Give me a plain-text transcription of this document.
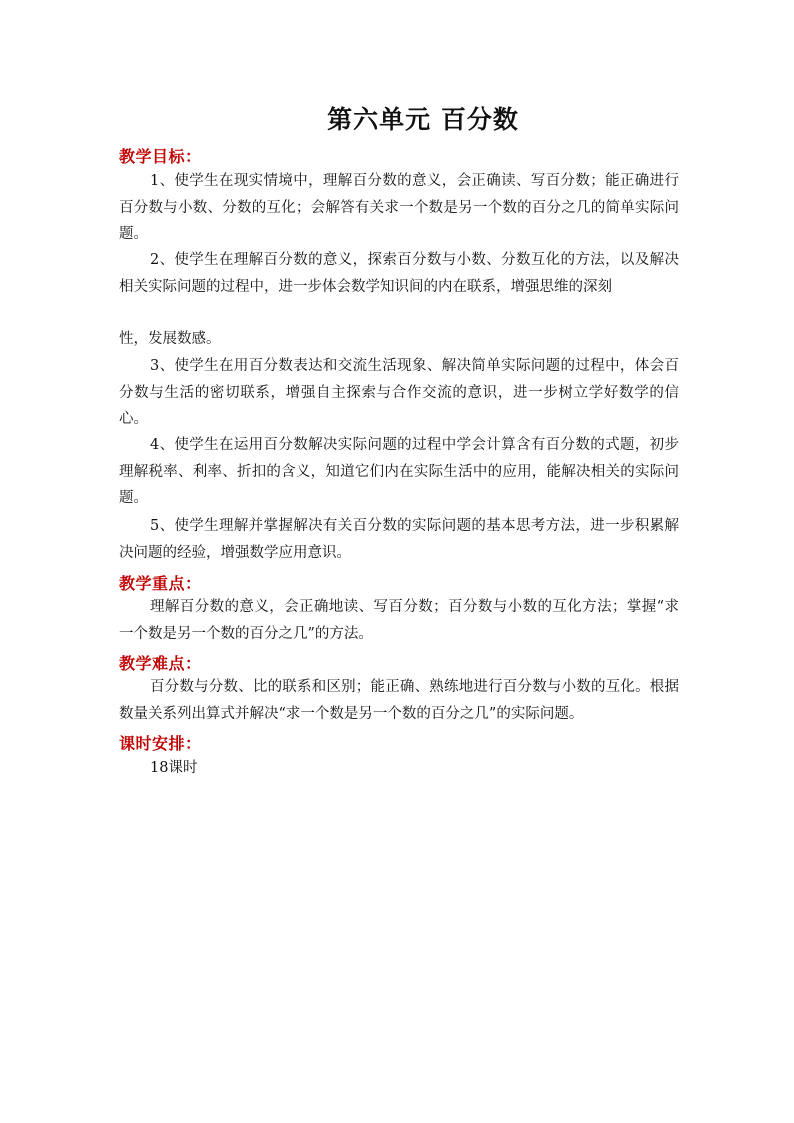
第六单元 百分数
教学目标：

1、使学生在现实情境中，理解百分数的意义，会正确读、写百分数；能正确进行百分数与小数、分数的互化；会解答有关求一个数是另一个数的百分之几的简单实际问题。

2、使学生在理解百分数的意义，探索百分数与小数、分数互化的方法，以及解决相关实际问题的过程中，进一步体会数学知识间的内在联系，增强思维的深刻

性，发展数感。

3、使学生在用百分数表达和交流生活现象、解决简单实际问题的过程中，体会百分数与生活的密切联系，增强自主探索与合作交流的意识，进一步树立学好数学的信心。

4、使学生在运用百分数解决实际问题的过程中学会计算含有百分数的式题，初步理解税率、利率、折扣的含义，知道它们内在实际生活中的应用，能解决相关的实际问题。

5、使学生理解并掌握解决有关百分数的实际问题的基本思考方法，进一步积累解决问题的经验，增强数学应用意识。

教学重点：

理解百分数的意义，会正确地读、写百分数；百分数与小数的互化方法；掌握“求一个数是另一个数的百分之几”的方法。

教学难点：

百分数与分数、比的联系和区别；能正确、熟练地进行百分数与小数的互化。根据数量关系列出算式并解决“求一个数是另一个数的百分之几”的实际问题。

课时安排：

18课时
